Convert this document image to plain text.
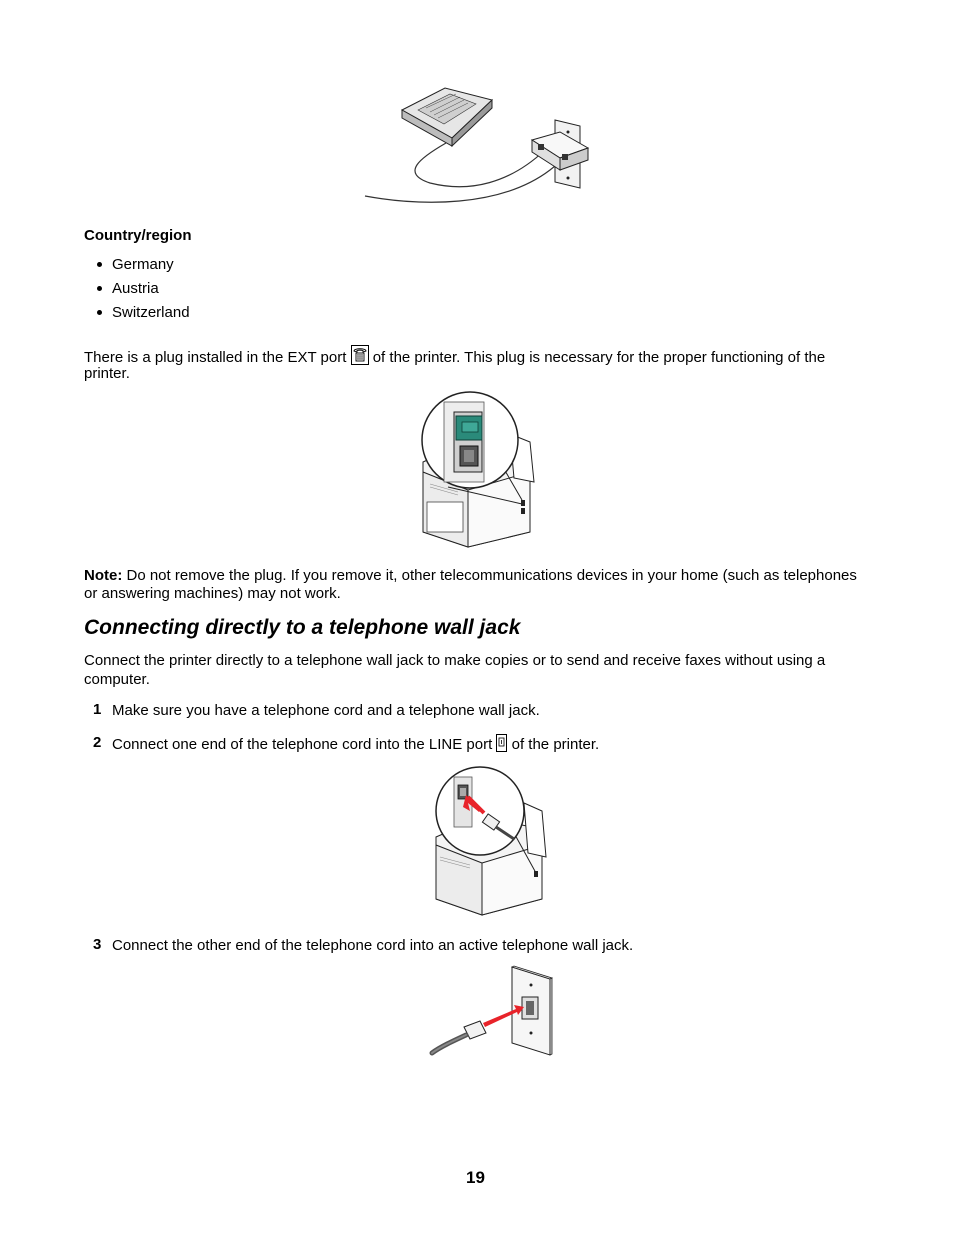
Country/region
Germany
Austria
Switzerland
There is a plug installed in the EXT port of the printer. This plug is necessary for the proper functioning of the
printer.
Note: Do not remove the plug. If you remove it, other telecommunications devices in your home (such as telephones
or answering machines) may not work.
Connecting directly to a telephone wall jack
Connect the printer directly to a telephone wall jack to make copies or to send and receive faxes without using a
computer.
1 Make sure you have a telephone cord and a telephone wall jack.
2 Connect one end of the telephone cord into the LINE port of the printer.
3 Connect the other end of the telephone cord into an active telephone wall jack.
19
